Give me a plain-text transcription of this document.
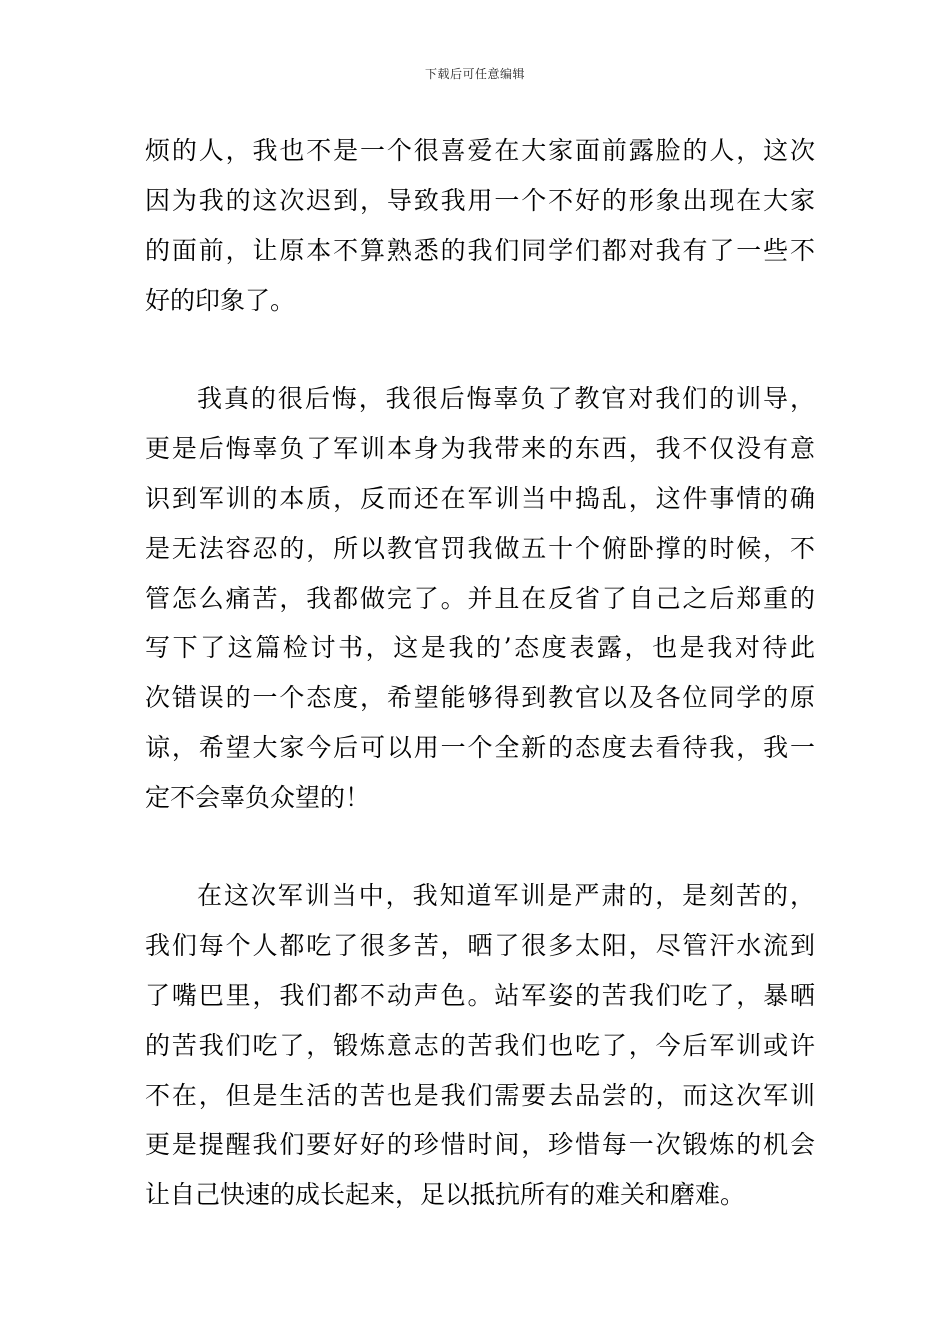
下载后可任意编辑
烦的人，我也不是一个很喜爱在大家面前露脸的人，这次
因为我的这次迟到，导致我用一个不好的形象出现在大家
的面前，让原本不算熟悉的我们同学们都对我有了一些不
好的印象了。
我真的很后悔，我很后悔辜负了教官对我们的训导，
更是后悔辜负了军训本身为我带来的东西，我不仅没有意
识到军训的本质，反而还在军训当中捣乱，这件事情的确
是无法容忍的，所以教官罚我做五十个俯卧撑的时候，不
管怎么痛苦，我都做完了。并且在反省了自己之后郑重的
写下了这篇检讨书，这是我的’态度表露，也是我对待此
次错误的一个态度，希望能够得到教官以及各位同学的原
谅，希望大家今后可以用一个全新的态度去看待我，我一
定不会辜负众望的！
在这次军训当中，我知道军训是严肃的，是刻苦的，
我们每个人都吃了很多苦，晒了很多太阳，尽管汗水流到
了嘴巴里，我们都不动声色。站军姿的苦我们吃了，暴晒
的苦我们吃了，锻炼意志的苦我们也吃了，今后军训或许
不在，但是生活的苦也是我们需要去品尝的，而这次军训
更是提醒我们要好好的珍惜时间，珍惜每一次锻炼的机会
让自己快速的成长起来，足以抵抗所有的难关和磨难。
